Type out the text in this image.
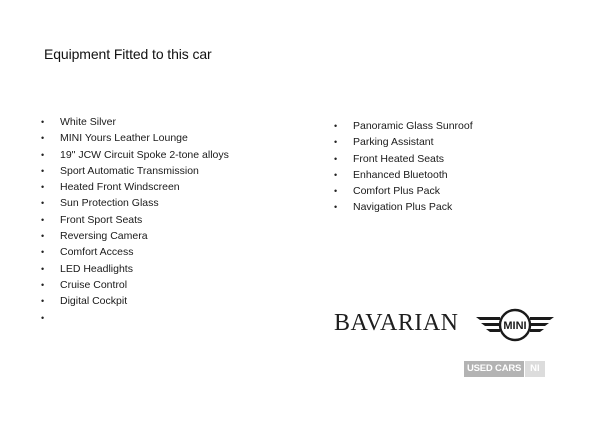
Equipment Fitted to this car
• White Silver
• MINI Yours Leather Lounge
• 19" JCW Circuit Spoke 2-tone alloys
• Sport Automatic Transmission
• Heated Front Windscreen
• Sun Protection Glass
• Front Sport Seats
• Reversing Camera
• Comfort Access
• LED Headlights
• Cruise Control
• Digital Cockpit
•
• Panoramic Glass Sunroof
• Parking Assistant
• Front Heated Seats
• Enhanced Bluetooth
• Comfort Plus Pack
• Navigation Plus Pack
BAVARIAN	MINI
USED CARS NI
